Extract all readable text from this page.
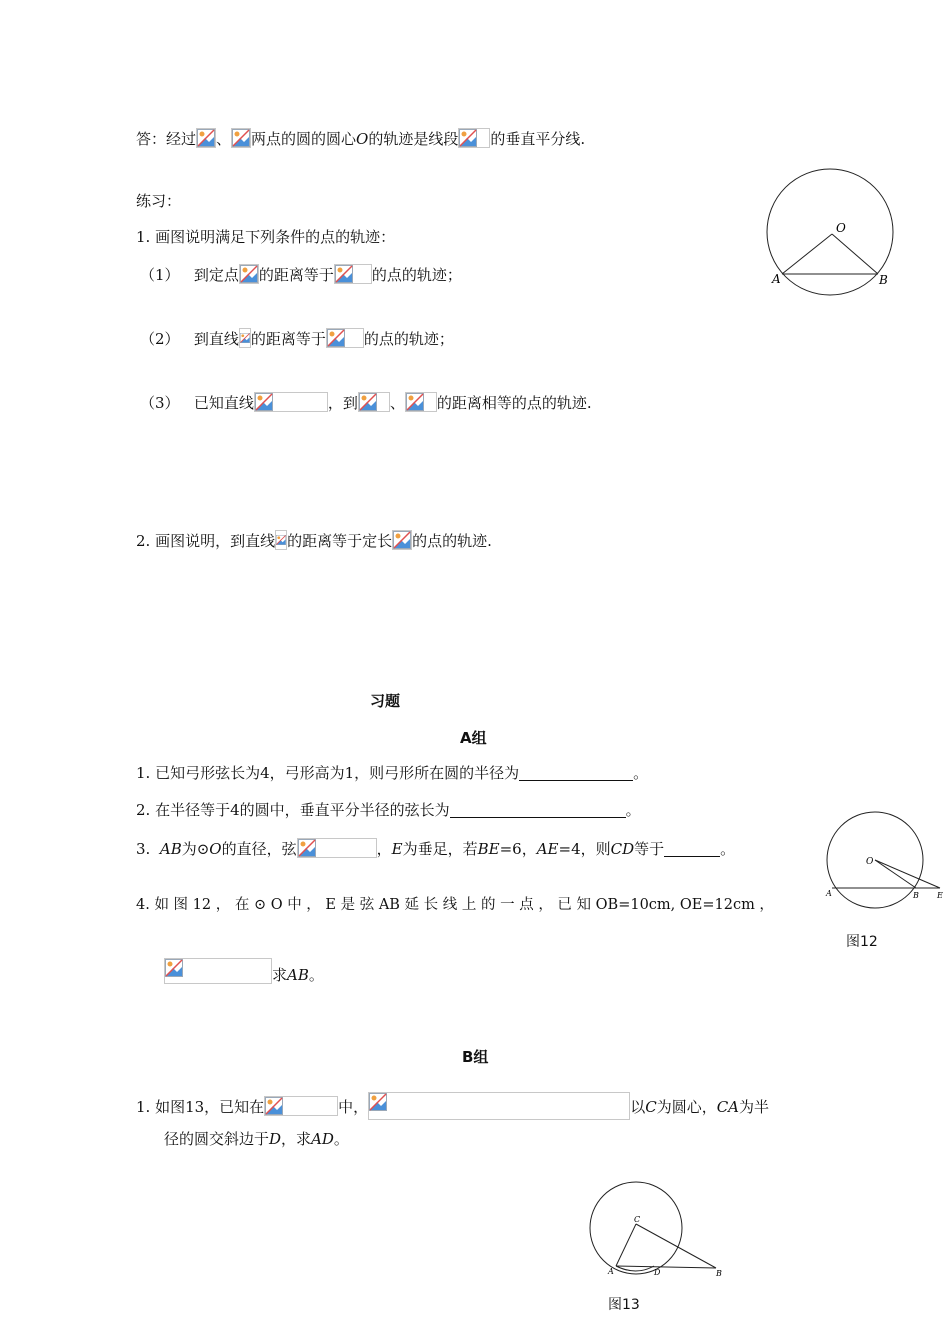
答：经过 、 两点的圆的圆心O的轨迹是线段 的垂直平分线.
练习：
1. 画图说明满足下列条件的点的轨迹：
（1） 到定点 的距离等于	的点的轨迹；
（2） 到直线 的距离等于	的点的轨迹；
（3） 已知直线	，到 、 的距离相等的点的轨迹.
2. 画图说明，到直线 的距离等于定长 的点的轨迹.
O
A	B
习题
A组
1. 已知弓形弦长为4，弓形高为1，则弓形所在圆的半径为	。
2. 在半径等于4的圆中，垂直平分半径的弦长为	。
3. AB为⊙O的直径，弦	，E为垂足，若BE=6，AE=4，则CD等于	。
4. 如 图 12 ， 在 ⊙ O 中 ， E 是 弦 AB 延 长 线 上 的 一 点 ， 已 知 OB=10cm, OE=12cm ，
求AB。
O
A	B E
图12
B组
1. 如图13，已知在	中，	以C为圆心，CA为半
径的圆交斜边于D，求AD。
C
A	D	B
图13
